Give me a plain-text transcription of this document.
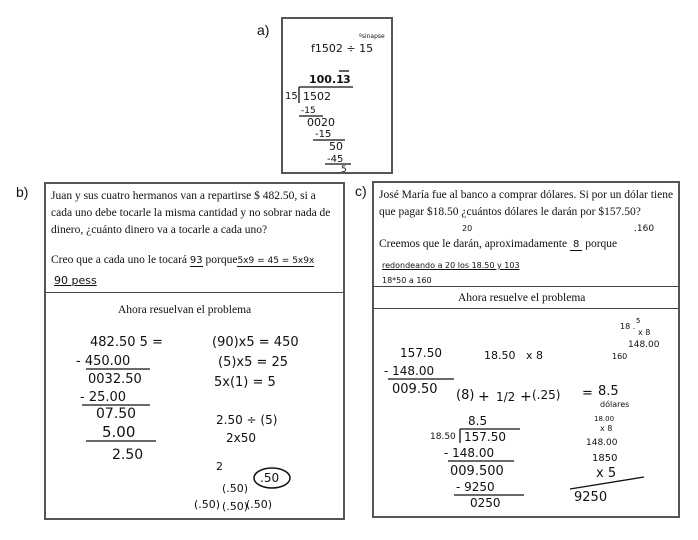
a)
b)	c)
f1502 ÷ 15
ºsinapse
100.1 3
15 1502
-15
0020
-15
50
-45
5
Juan y sus cuatro hermanos van a repartirse $ 482.50, si a cada uno debe tocarle la misma cantidad y no sobrar nada de dinero, ¿cuánto dinero va a tocarle a cada uno?
Creo que a cada uno le tocará 93 porque5x9 = 45 = 5x9x
90 pess
Ahora resuelvan el problema
482.50 5 =
- 450.00
0032.50
- 25.00
07.50
5.00
2.50
(90)x5 = 450
(5)x5 = 25
5x(1) = 5
2.50 ÷ (5)
2x50
2
.50
(.50)
(.50) (.50)
(.50)
José María fue al banco a comprar dólares. Si por un dólar tiene que pagar $18.50 ¿cuántos dólares le darán por $157.50?
.160
20
Creemos que le darán, aproximadamente 8 porque
redondeando a 20 los 18.50 y 103
18*50 a 160
Ahora resuelve el problema
157.50
- 148.00
009.50
18.50 x 8
(8) + 1/2 + (.25) = 8.5
dólares
18 .
5
x 8
148.00
160
8.5
18.50 157.50
- 148.00
009.500
- 9250
0250
18.00
x 8
148.00
1850
x 5
9250
